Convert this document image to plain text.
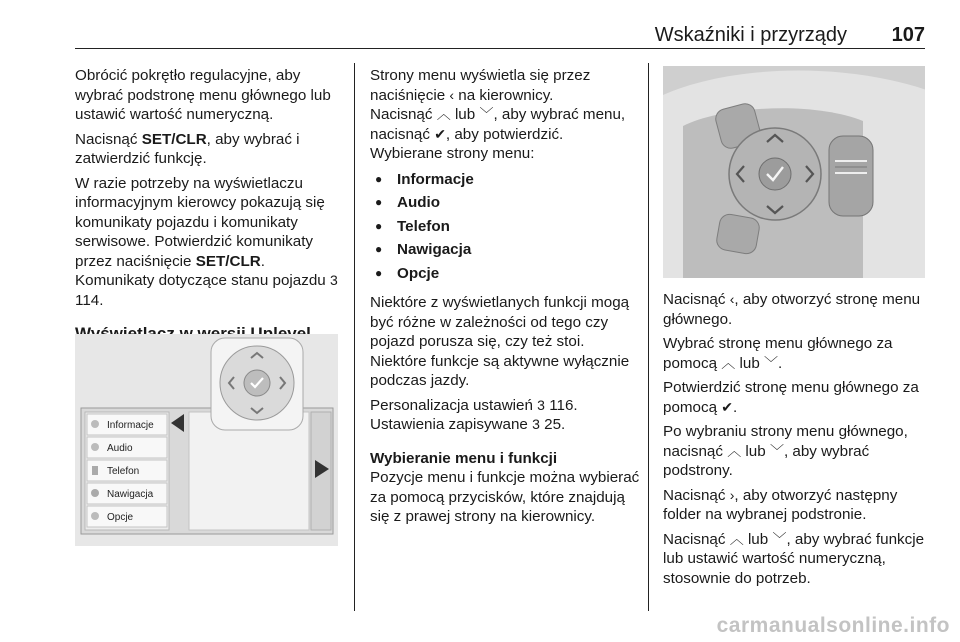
Wskaźniki i przyrządy 107

Obrócić pokrętło regulacyjne, aby wybrać podstronę menu głównego lub ustawić wartość numeryczną.

Nacisnąć SET/CLR, aby wybrać i zatwierdzić funkcję.

W razie potrzeby na wyświetlaczu informacyjnym kierowcy pokazują się komunikaty pojazdu i komunikaty serwisowe. Potwierdzić komunikaty przez naciśnięcie SET/CLR.

Komunikaty dotyczące stanu pojazdu 3 114.

Informacje
Audio
Telefon
Nawigacja
Opcje

Strony menu wyświetla się przez naciśnięcie ‹ na kierownicy.

Nacisnąć ︿ lub ﹀, aby wybrać menu, nacisnąć ✔, aby potwierdzić.

Wybierane strony menu:

● Informacje
● Audio
● Telefon
● Nawigacja
● Opcje

Niektóre z wyświetlanych funkcji mogą być różne w zależności od tego czy pojazd porusza się, czy też stoi. Niektóre funkcje są aktywne wyłącznie podczas jazdy.

Personalizacja ustawień 3 116.
Ustawienia zapisywane 3 25.

Wybieranie menu i funkcji

Pozycje menu i funkcje można wybierać za pomocą przycisków, które znajdują się z prawej strony na kierownicy.

Nacisnąć ‹, aby otworzyć stronę menu głównego.

Wybrać stronę menu głównego za pomocą ︿ lub ﹀.

Potwierdzić stronę menu głównego za pomocą ✔.

Po wybraniu strony menu głównego, nacisnąć ︿ lub ﹀, aby wybrać podstrony.

Nacisnąć ›, aby otworzyć następny folder na wybranej podstronie.

Nacisnąć ︿ lub ﹀, aby wybrać funkcje lub ustawić wartość numeryczną, stosownie do potrzeb.

carmanualsonline.info
